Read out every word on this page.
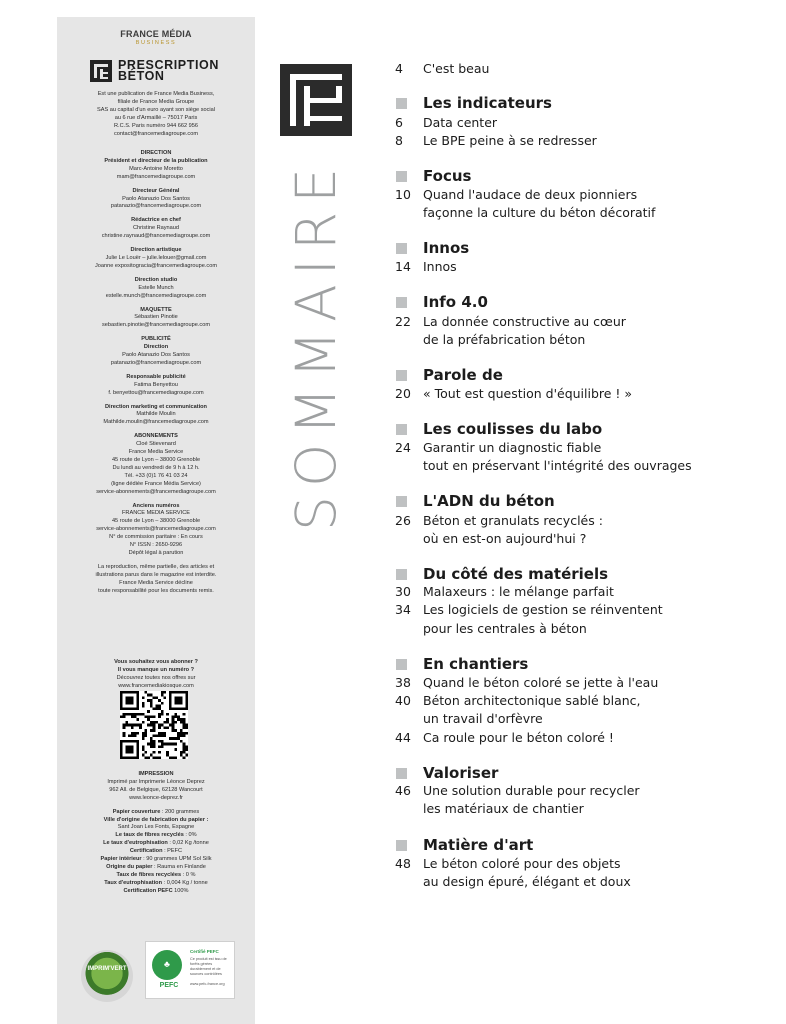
FRANCE MÉDIA
BUSINESS
PRESCRIPTION
BÉTON
Est une publication de France Media Business,
filiale de France Media Groupe
SAS au capital d'un euro ayant son siège social
au 6 rue d'Armaillé – 75017 Paris
R.C.S. Paris numéro 944 662 956
contact@francemediagroupe.com
DIRECTION
Président et directeur de la publication
Marc-Antoine Moretto
mam@francemediagroupe.com
Directeur Général
Paolo Atanazio Dos Santos
patanazio@francemediagroupe.com
Rédactrice en chef
Christine Raynaud
christine.raynaud@francemediagroupe.com
Direction artistique
Julie Le Louër – julie.lelouer@gmail.com
Joanne expositogracia@francemediagroupe.com
Direction studio
Estelle Munch
estelle.munch@francemediagroupe.com
MAQUETTE
Sébastien Pinotie
sebastien.pinotie@francemediagroupe.com
PUBLICITÉ
Direction
Paolo Atanazio Dos Santos
patanazio@francemediagroupe.com
Responsable publicité
Fatima Benyettou
f. benyettou@francemediagroupe.com
Direction marketing et communication
Mathilde Moulin
Mathilde.moulin@francemediagroupe.com
ABONNEMENTS
Cloé Stievenard
France Media Service
45 route de Lyon – 38000 Grenoble
Du lundi au vendredi de 9 h à 12 h.
Tél. +33 (0)1 76 41 03 24
(ligne dédiée France Média Service)
service-abonnements@francemediagroupe.com
Anciens numéros
FRANCE MEDIA SERVICE
45 route de Lyon – 38000 Grenoble
service-abonnements@francemediagroupe.com
N° de commission paritaire : En cours
N° ISSN : 2650-9296
Dépôt légal à parution
La reproduction, même partielle, des articles et
illustrations parus dans le magazine est interdite.
France Media Service décline
toute responsabilité pour les documents remis.
Vous souhaitez vous abonner ?
Il vous manque un numéro ?
Découvrez toutes nos offres sur
www.francemediakiosque.com
IMPRESSION
Imprimé par Imprimerie Léonce Deprez
962 All. de Belgique, 62128 Wancourt
www.leonce-deprez.fr
Papier couverture : 200 grammes
Ville d'origine de fabrication du papier :
Sant Joan Les Fonts, Espagne
Le taux de fibres recyclés : 0%
Le taux d'eutrophisation : 0,02 Kg /tonne
Certification : PEFC
Papier intérieur : 90 grammes UPM Sol Silk
Origine du papier : Rauma en Finlande
Taux de fibres recyclées : 0 %
Taux d'eutrophisation : 0,004 Kg / tonne
Certification PEFC 100%
IMPRIM'VERT	♣
PEFC
Certifié PEFC
Ce produit est issu de
forêts gérées
durablement et de
sources contrôlées
www.pefc-france.org
SOMMAIRE
4	C'est beau
Les indicateurs
6	Data center
8	Le BPE peine à se redresser
Focus
10 Quand l'audace de deux pionniers
façonne la culture du béton décoratif
Innos
14 Innos
Info 4.0
22 La donnée constructive au cœur
de la préfabrication béton
Parole de
20 « Tout est question d'équilibre ! »
Les coulisses du labo
24 Garantir un diagnostic fiable
tout en préservant l'intégrité des ouvrages
L'ADN du béton
26 Béton et granulats recyclés :
où en est-on aujourd'hui ?
Du côté des matériels
30 Malaxeurs : le mélange parfait
34 Les logiciels de gestion se réinventent
pour les centrales à béton
En chantiers
38 Quand le béton coloré se jette à l'eau
40 Béton architectonique sablé blanc,
un travail d'orfèvre
44 Ca roule pour le béton coloré !
Valoriser
46 Une solution durable pour recycler
les matériaux de chantier
Matière d'art
48 Le béton coloré pour des objets
au design épuré, élégant et doux
